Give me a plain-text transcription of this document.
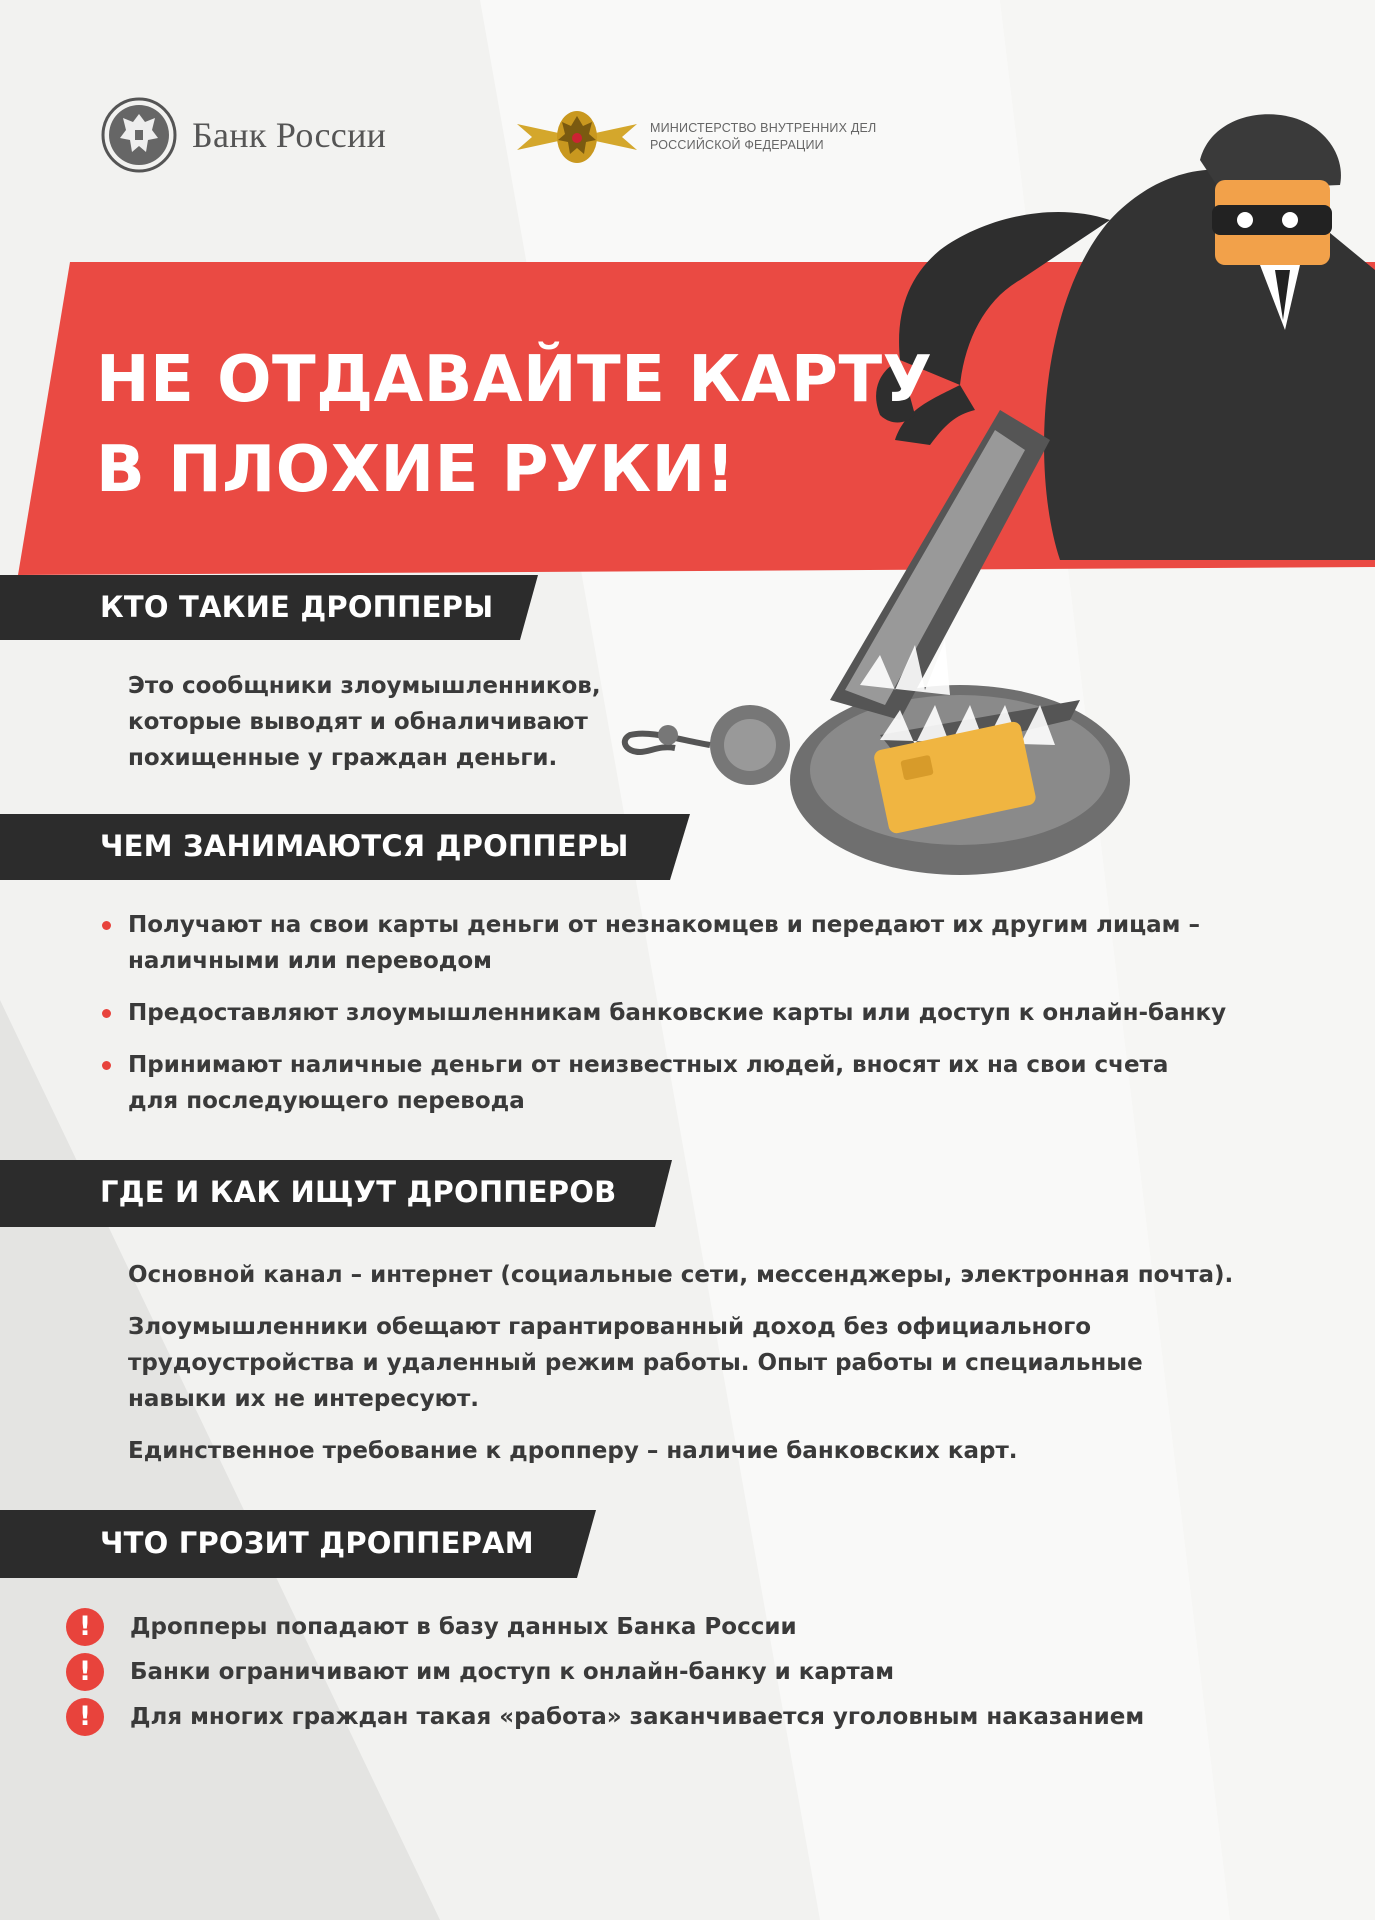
Банк России	МИНИСТЕРСТВО ВНУТРЕННИХ ДЕЛ
РОССИЙСКОЙ ФЕДЕРАЦИИ
НЕ ОТДАВАЙТЕ КАРТУ
В ПЛОХИЕ РУКИ!
КТО ТАКИЕ ДРОППЕРЫ
Это сообщники злоумышленников,
которые выводят и обналичивают
похищенные у граждан деньги.
ЧЕМ ЗАНИМАЮТСЯ ДРОППЕРЫ
Получают на свои карты деньги от незнакомцев и передают их другим лицам –
наличными или переводом
Предоставляют злоумышленникам банковские карты или доступ к онлайн-банку
Принимают наличные деньги от неизвестных людей, вносят их на свои счета
для последующего перевода
ГДЕ И КАК ИЩУТ ДРОППЕРОВ
Основной канал – интернет (социальные сети, мессенджеры, электронная почта).
Злоумышленники обещают гарантированный доход без официального
трудоустройства и удаленный режим работы. Опыт работы и специальные
навыки их не интересуют.
Единственное требование к дропперу – наличие банковских карт.
ЧТО ГРОЗИТ ДРОППЕРАМ
!	Дропперы попадают в базу данных Банка России
!	Банки ограничивают им доступ к онлайн-банку и картам
!	Для многих граждан такая «работа» заканчивается уголовным наказанием
